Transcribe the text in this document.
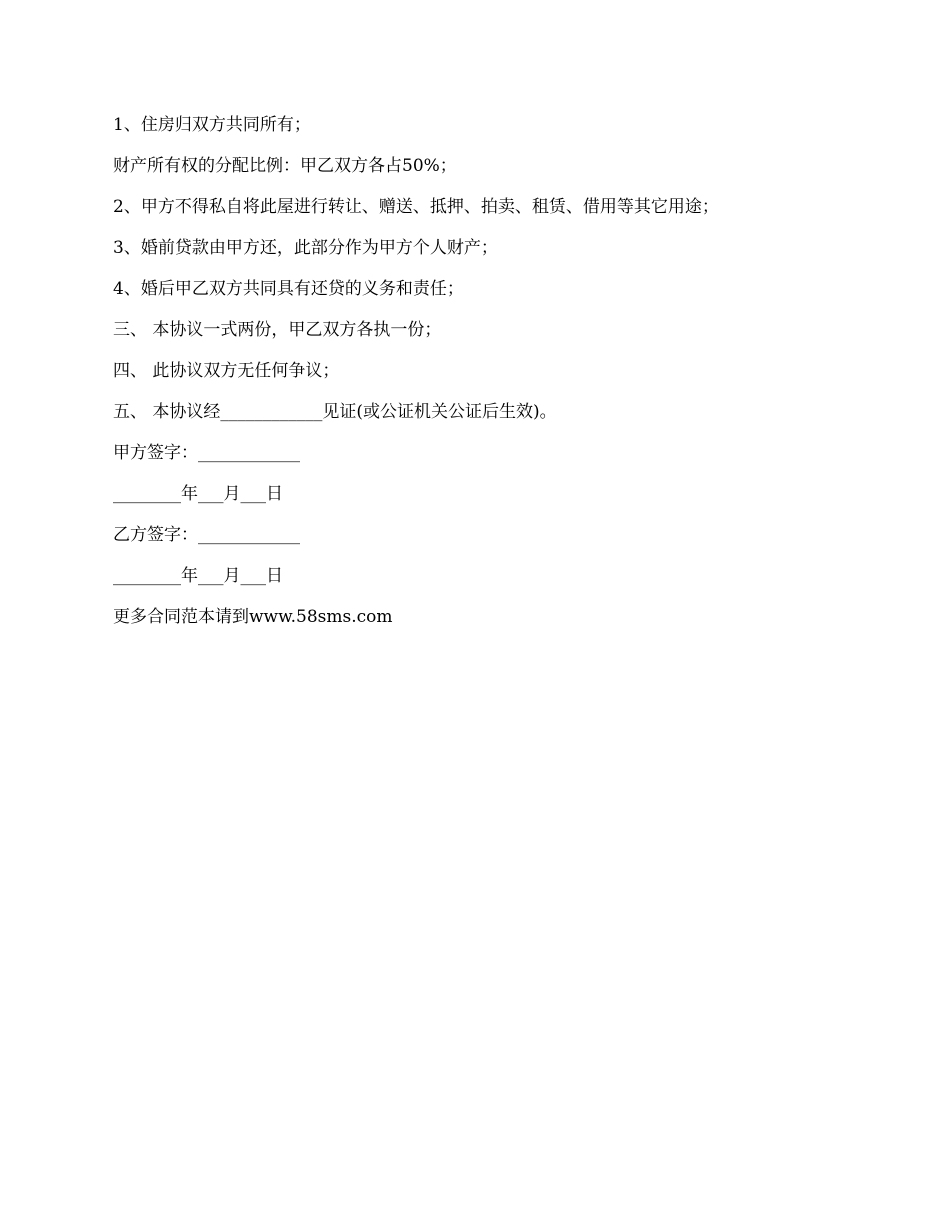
1、住房归双方共同所有；
财产所有权的分配比例：甲乙双方各占50%；
2、甲方不得私自将此屋进行转让、赠送、抵押、拍卖、租赁、借用等其它用途；
3、婚前贷款由甲方还，此部分作为甲方个人财产；
4、婚后甲乙双方共同具有还贷的义务和责任；
三、 本协议一式两份，甲乙双方各执一份；
四、 此协议双方无任何争议；
五、 本协议经____________见证(或公证机关公证后生效)。
甲方签字：____________
________年___月___日
乙方签字：____________
________年___月___日
更多合同范本请到www.58sms.com
